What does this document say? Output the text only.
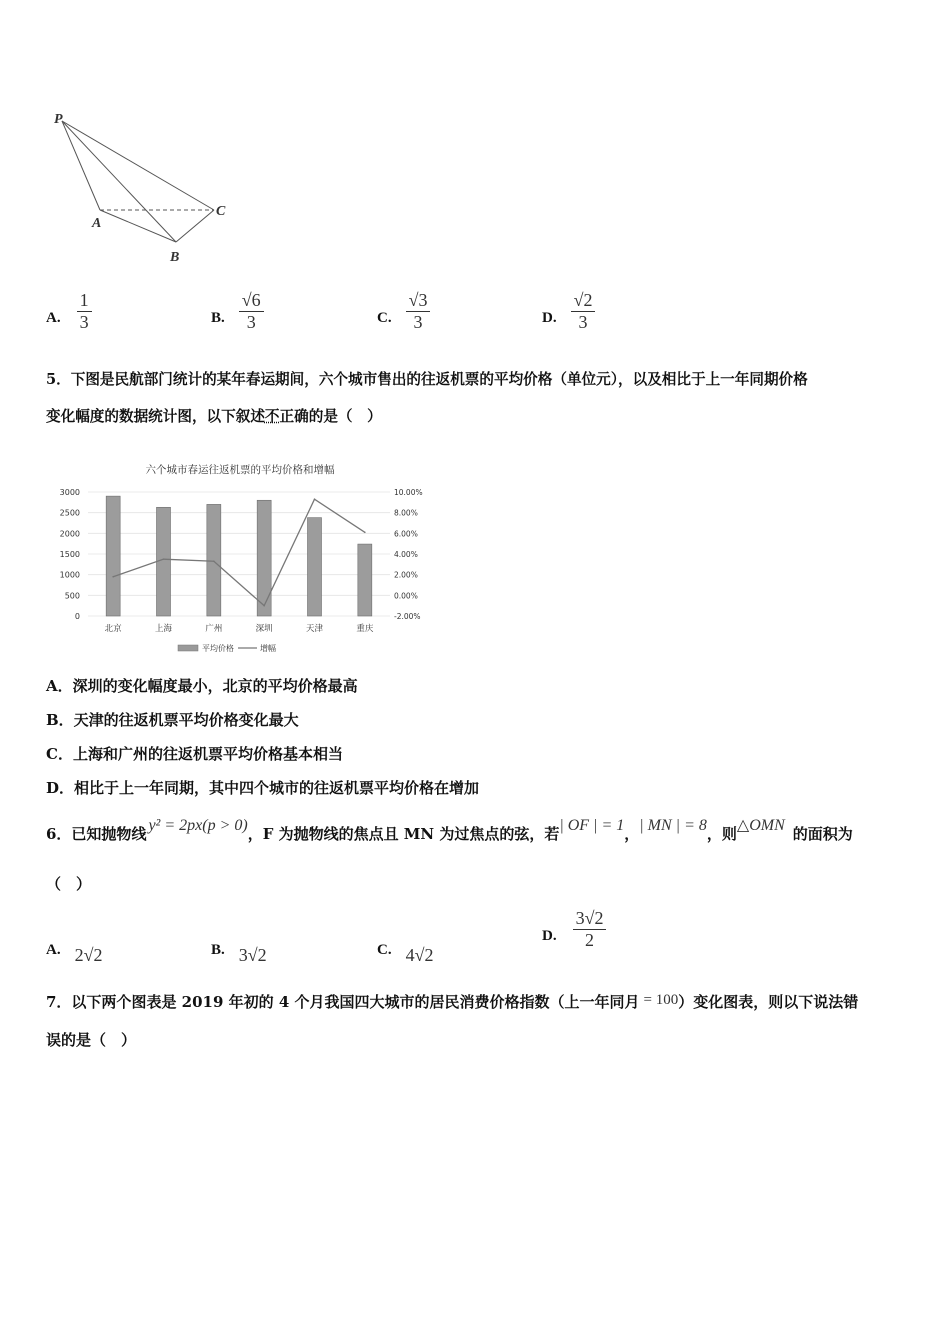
P
A
B
C
A. $\frac{1}{3}$	B. $\frac{√6}{3}$	C. $\frac{√3}{3}$	D. $\frac{√2}{3}$
5．下图是民航部门统计的某年春运期间，六个城市售出的往返机票的平均价格（单位元），以及相比于上一年同期价格
变化幅度的数据统计图，以下叙述不正确的是（　）
六个城市春运往返机票的平均价格和增幅
3000
2500
2000
1500
1000
500
0
10.00%
8.00%
6.00%
4.00%
2.00%
0.00%
-2.00%
北京	上海	广州	深圳	天津	重庆
平均价格	增幅
A．深圳的变化幅度最小，北京的平均价格最高
B．天津的往返机票平均价格变化最大
C．上海和广州的往返机票平均价格基本相当
D．相比于上一年同期，其中四个城市的往返机票平均价格在增加
6．已知抛物线 y² = 2px(p > 0) ，F 为抛物线的焦点且 MN 为过焦点的弦，若 | OF | = 1 ， | MN | = 8 ，则 △OMN 的面积为
（　）
A. 2√2	B. 3√2	C. 4√2
D. $\frac{3√2}{2}$
7．以下两个图表是 2019 年初的 4 个月我国四大城市的居民消费价格指数（上一年同月 = 100 ）变化图表，则以下说法错
误的是（　）
